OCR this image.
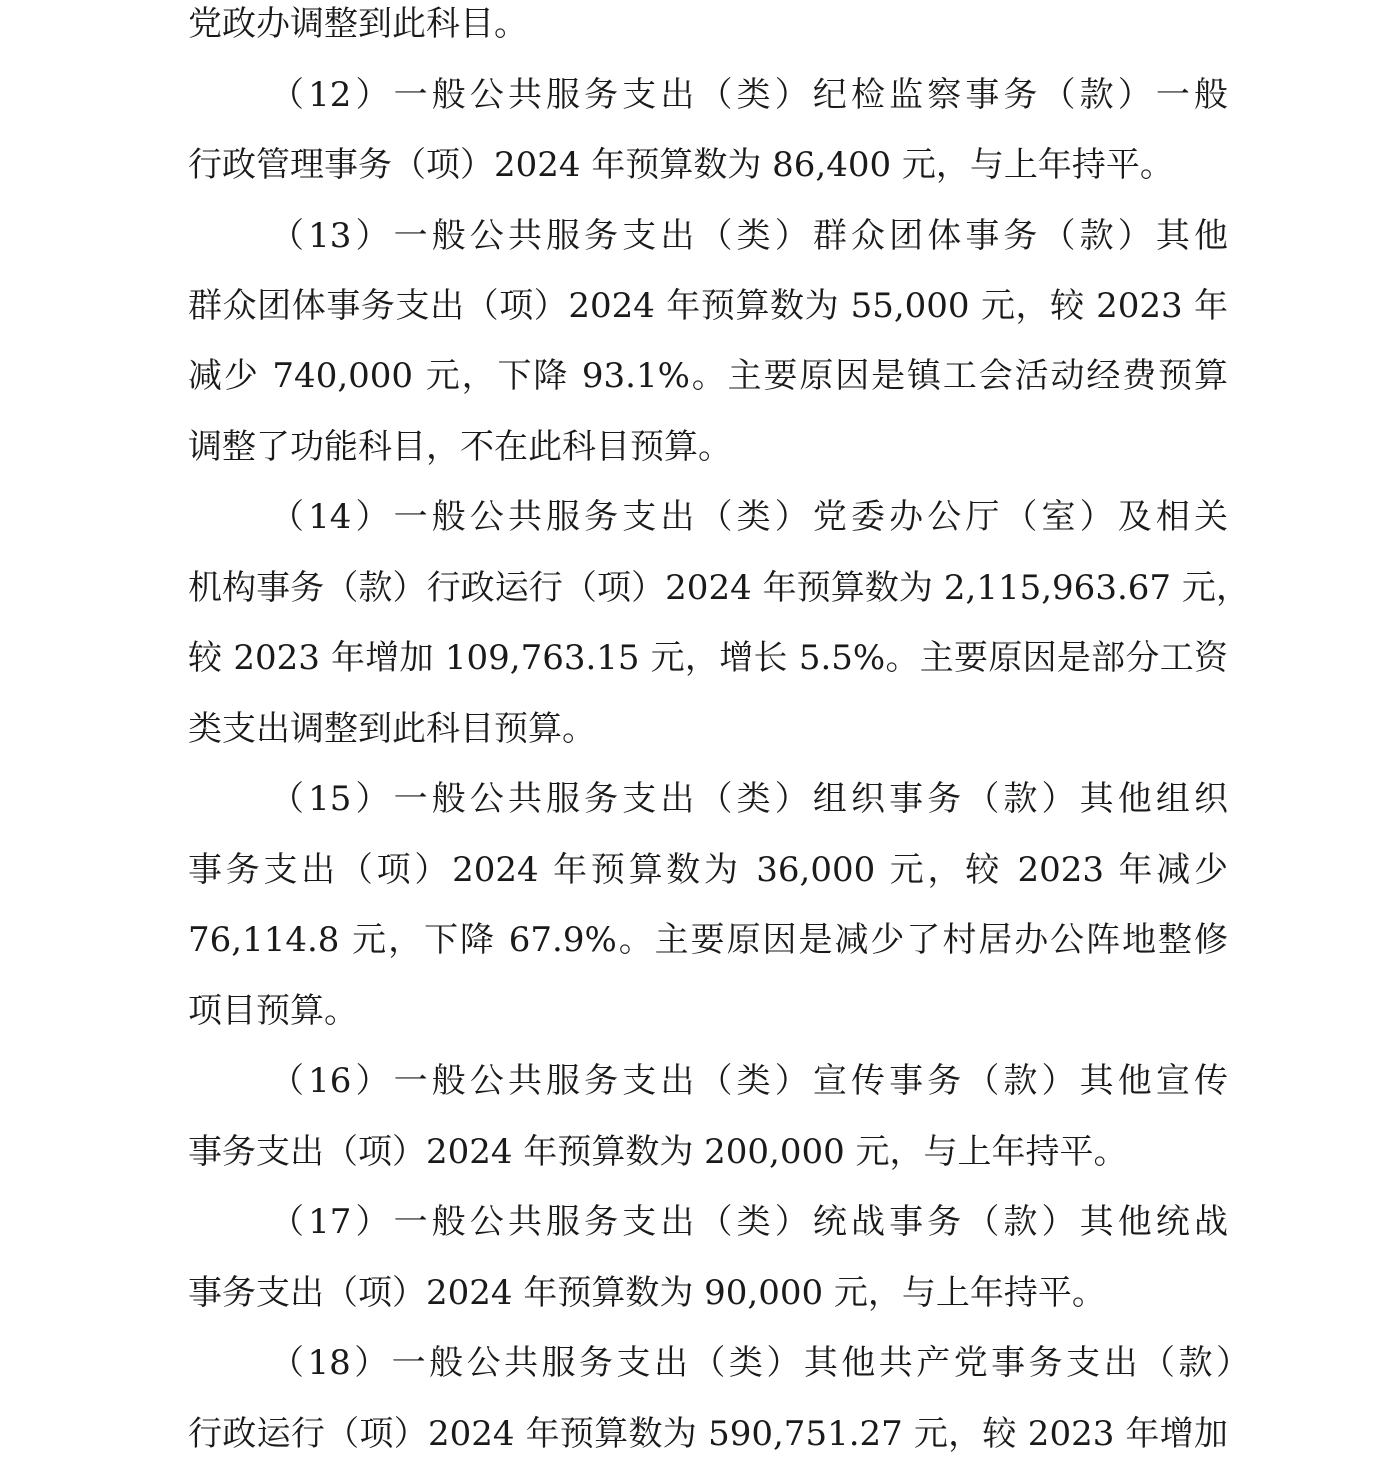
党政办调整到此科目。
（12）一般公共服务支出（类）纪检监察事务（款）一般
行政管理事务（项）2024 年预算数为 86,400 元，与上年持平。
（13）一般公共服务支出（类）群众团体事务（款）其他
群众团体事务支出（项）2024 年预算数为 55,000 元，较 2023 年
减少 740,000 元，下降 93.1%。主要原因是镇工会活动经费预算
调整了功能科目，不在此科目预算。
（14）一般公共服务支出（类）党委办公厅（室）及相关
机构事务（款）行政运行（项）2024 年预算数为 2,115,963.67 元，
较 2023 年增加 109,763.15 元，增长 5.5%。主要原因是部分工资
类支出调整到此科目预算。
（15）一般公共服务支出（类）组织事务（款）其他组织
事务支出（项）2024 年预算数为 36,000 元，较 2023 年减少
76,114.8 元，下降 67.9%。主要原因是减少了村居办公阵地整修
项目预算。
（16）一般公共服务支出（类）宣传事务（款）其他宣传
事务支出（项）2024 年预算数为 200,000 元，与上年持平。
（17）一般公共服务支出（类）统战事务（款）其他统战
事务支出（项）2024 年预算数为 90,000 元，与上年持平。
（18）一般公共服务支出（类）其他共产党事务支出（款）
行政运行（项）2024 年预算数为 590,751.27 元，较 2023 年增加
